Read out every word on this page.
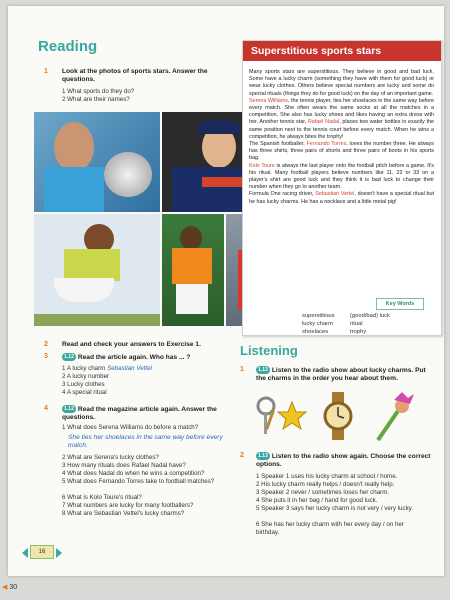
Reading
1 Look at the photos of sports stars. Answer the questions.
1 What sports do they do?
2 What are their names?
Superstitious sports stars
Many sports stars are superstitious. They believe in good and bad luck. Some have a lucky charm (something they have with them for good luck) or wear lucky clothes. Others believe special numbers are lucky and some do special rituals (things they do for good luck) on the day of an important game.
Serena Williams, the tennis player, ties her shoelaces in the same way before every match. She often wears the same socks at all the matches in a competition. She also has lucky shoes and likes having an extra dress with her. Another tennis star, Rafael Nadal, places two water bottles in exactly the same position next to the tennis court before every match. When he wins a competition, he always bites the trophy!
The Spanish footballer, Fernando Torres, loves the number three. He always has three shirts, three pairs of shorts and three pairs of boots in his sports bag.
Kolo Toure is always the last player onto the football pitch before a game. It's his ritual. Many football players believe numbers like 11, 22 or 33 on a player's shirt are good luck and they think it is bad luck to change their number when they go to another team.
Formula One racing driver, Sebastian Vettel, doesn't have a special ritual but he has lucky charms. He has a necklace and a little metal pig!
Key Words
superstitious
lucky charm
shoelaces
(good/bad) luck
ritual
trophy
2 Read and check your answers to Exercise 1.
3	1.12 Read the article again. Who has ... ?
1 A lucky charm Sebastian Vettel
2 A lucky number
3 Lucky clothes
4 A special ritual
4	1.12 Read the magazine article again. Answer the questions.
1 What does Serena Williams do before a match?
She ties her shoelaces in the same way before every match.
2 What are Serena's lucky clothes?
3 How many rituals does Rafael Nadal have?
4 What does Nadal do when he wins a competition?
5 What does Fernando Torres take to football matches?
6 What is Kolo Toure's ritual?
7 What numbers are lucky for many footballers?
8 What are Sebastian Vettel's lucky charms?
Listening
1	1.13 Listen to the radio show about lucky charms. Put the charms in the order you hear about them.
2	1.13 Listen to the radio show again. Choose the correct options.
1 Speaker 1 uses his lucky charm at school / home.
2 His lucky charm really helps / doesn't really help.
3 Speaker 2 never / sometimes loses her charm.
4 She puts it in her bag / hand for good luck.
5 Speaker 3 says her lucky charm is not very / very lucky.
6 She has her lucky charm with her every day / on her birthday.
16
◀ 30
